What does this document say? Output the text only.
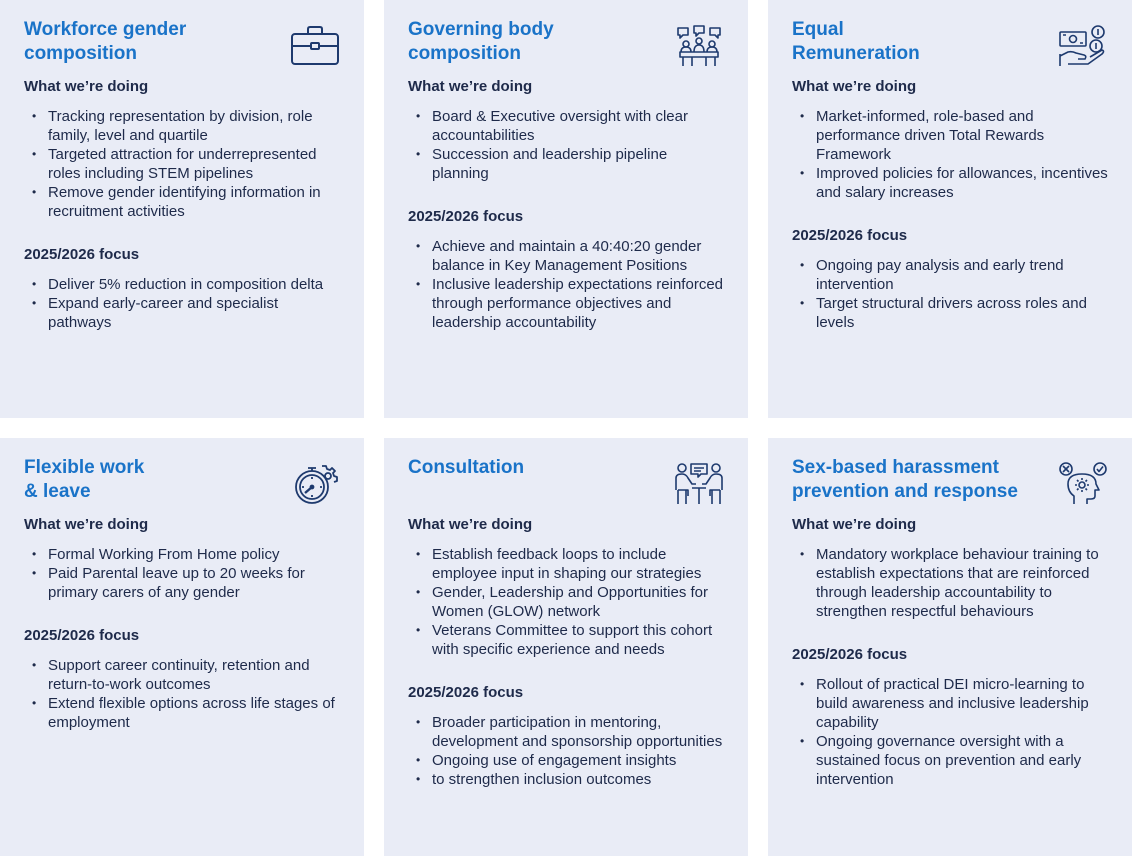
Workforce gender
composition
What we’re doing
• Tracking representation by division, role family, level and quartile
• Targeted attraction for underrepresented roles including STEM pipelines
• Remove gender identifying information in recruitment activities
2025/2026 focus
• Deliver 5% reduction in composition delta
• Expand early-career and specialist pathways
Governing body
composition
What we’re doing
• Board & Executive oversight with clear accountabilities
• Succession and leadership pipeline planning
2025/2026 focus
• Achieve and maintain a 40:40:20 gender balance in Key Management Positions
• Inclusive leadership expectations reinforced through performance objectives and leadership accountability
Equal
Remuneration
What we’re doing
• Market-informed, role-based and performance driven Total Rewards Framework
• Improved policies for allowances, incentives and salary increases
2025/2026 focus
• Ongoing pay analysis and early trend intervention
• Target structural drivers across roles and levels
Flexible work
& leave
What we’re doing
• Formal Working From Home policy
• Paid Parental leave up to 20 weeks for primary carers of any gender
2025/2026 focus
• Support career continuity, retention and return-to-work outcomes
• Extend flexible options across life stages of employment
Consultation
What we’re doing
• Establish feedback loops to include employee input in shaping our strategies
• Gender, Leadership and Opportunities for Women (GLOW) network
• Veterans Committee to support this cohort with specific experience and needs
2025/2026 focus
• Broader participation in mentoring, development and sponsorship opportunities
• Ongoing use of engagement insights
• to strengthen inclusion outcomes
Sex-based harassment
prevention and response
What we’re doing
• Mandatory workplace behaviour training to establish expectations that are reinforced through leadership accountability to strengthen respectful behaviours
2025/2026 focus
• Rollout of practical DEI micro-learning to build awareness and inclusive leadership capability
• Ongoing governance oversight with a sustained focus on prevention and early intervention
